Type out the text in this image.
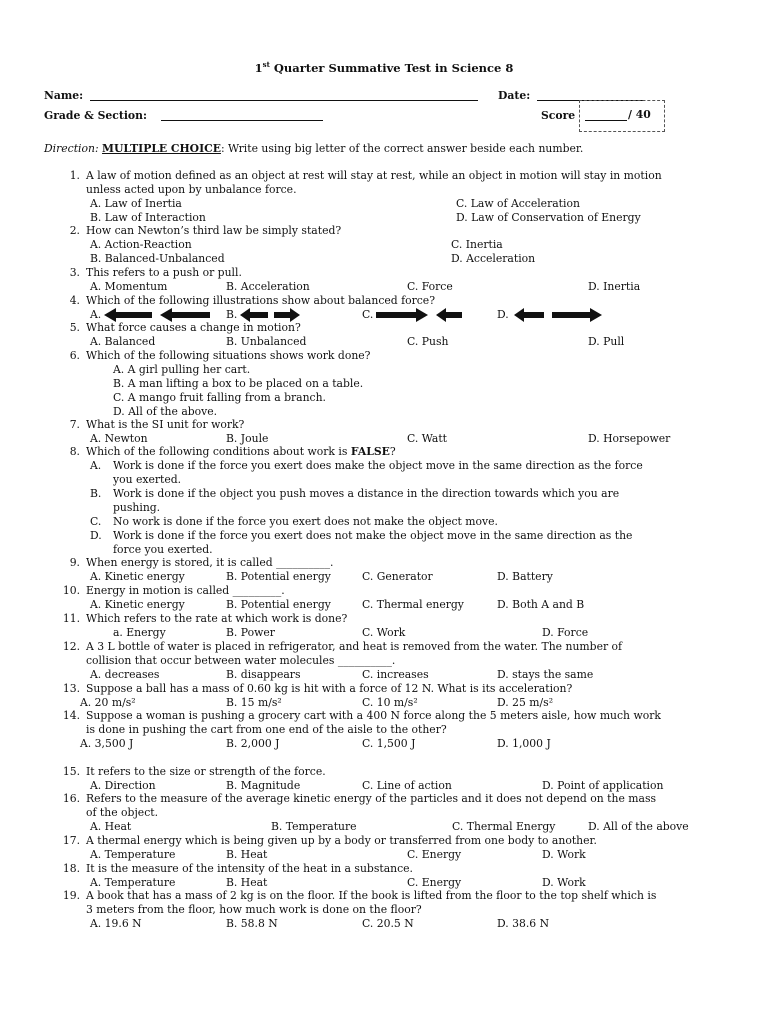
1st Quarter Summative Test in Science 8
Name:	Date:
Grade & Section:	Score	/ 40
Direction: MULTIPLE CHOICE: Write using big letter of the correct answer beside each number.
1. A law of motion defined as an object at rest will stay at rest, while an object in motion will stay in motion
unless acted upon by unbalance force.
A. Law of Inertia	C. Law of Acceleration
B. Law of Interaction	D. Law of Conservation of Energy
2. How can Newton’s third law be simply stated?
A. Action-Reaction	C. Inertia
B. Balanced-Unbalanced	D. Acceleration
3. This refers to a push or pull.
A. Momentum	B. Acceleration	C. Force	D. Inertia
4. Which of the following illustrations show about balanced force?
A.	B.	C.	D.
5. What force causes a change in motion?
A. Balanced	B. Unbalanced	C. Push	D. Pull
6. Which of the following situations shows work done?
A. A girl pulling her cart.
B. A man lifting a box to be placed on a table.
C. A mango fruit falling from a branch.
D. All of the above.
7. What is the SI unit for work?
A. Newton	B. Joule	C. Watt	D. Horsepower
8. Which of the following conditions about work is FALSE?
A. Work is done if the force you exert does make the object move in the same direction as the force
you exerted.
B. Work is done if the object you push moves a distance in the direction towards which you are
pushing.
C. No work is done if the force you exert does not make the object move.
D. Work is done if the force you exert does not make the object move in the same direction as the
force you exerted.
9. When energy is stored, it is called __________.
A. Kinetic energy	B. Potential energy	C. Generator	D. Battery
10. Energy in motion is called _________.
A. Kinetic energy	B. Potential energy	C. Thermal energy	D. Both A and B
11. Which refers to the rate at which work is done?
a. Energy	B. Power	C. Work	D. Force
12. A 3 L bottle of water is placed in refrigerator, and heat is removed from the water. The number of
collision that occur between water molecules __________.
A. decreases	B. disappears	C. increases	D. stays the same
13. Suppose a ball has a mass of 0.60 kg is hit with a force of 12 N. What is its acceleration?
A. 20 m/s²	B. 15 m/s²	C. 10 m/s²	D. 25 m/s²
14. Suppose a woman is pushing a grocery cart with a 400 N force along the 5 meters aisle, how much work
is done in pushing the cart from one end of the aisle to the other?
A. 3,500 J	B. 2,000 J	C. 1,500 J	D. 1,000 J
15. It refers to the size or strength of the force.
A. Direction	B. Magnitude	C. Line of action	D. Point of application
16. Refers to the measure of the average kinetic energy of the particles and it does not depend on the mass
of the object.
A. Heat	B. Temperature	C. Thermal Energy	D. All of the above
17. A thermal energy which is being given up by a body or transferred from one body to another.
A. Temperature	B. Heat	C. Energy	D. Work
18. It is the measure of the intensity of the heat in a substance.
A. Temperature	B. Heat	C. Energy	D. Work
19. A book that has a mass of 2 kg is on the floor. If the book is lifted from the floor to the top shelf which is
3 meters from the floor, how much work is done on the floor?
A. 19.6 N	B. 58.8 N	C. 20.5 N	D. 38.6 N
